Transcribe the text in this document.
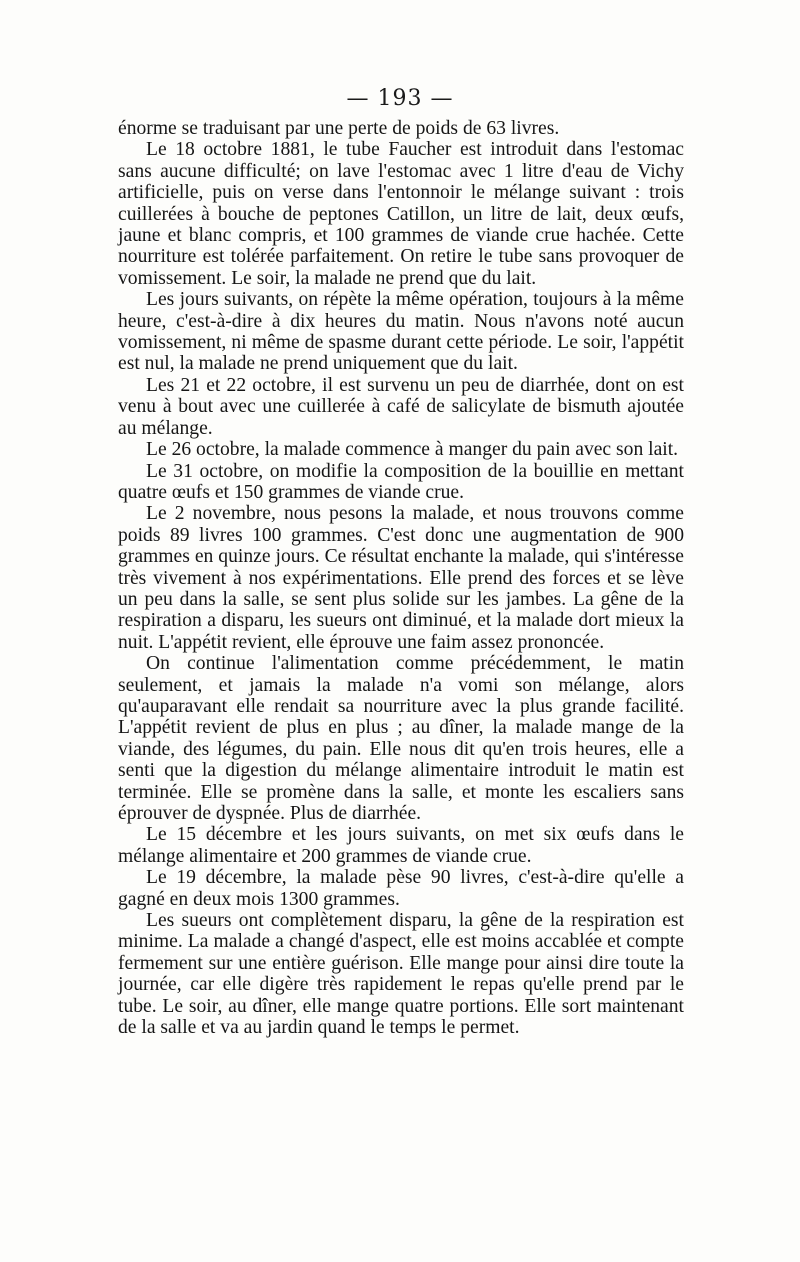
— 193 —

énorme se traduisant par une perte de poids de 63 livres.

Le 18 octobre 1881, le tube Faucher est introduit dans l'estomac sans aucune difficulté; on lave l'estomac avec 1 litre d'eau de Vichy artificielle, puis on verse dans l'entonnoir le mélange suivant : trois cuillerées à bouche de peptones Catillon, un litre de lait, deux œufs, jaune et blanc compris, et 100 grammes de viande crue hachée. Cette nourriture est tolérée parfaitement. On retire le tube sans provoquer de vomissement. Le soir, la malade ne prend que du lait.

Les jours suivants, on répète la même opération, toujours à la même heure, c'est-à-dire à dix heures du matin. Nous n'avons noté aucun vomissement, ni même de spasme durant cette période. Le soir, l'appétit est nul, la malade ne prend uniquement que du lait.

Les 21 et 22 octobre, il est survenu un peu de diarrhée, dont on est venu à bout avec une cuillerée à café de salicylate de bismuth ajoutée au mélange.

Le 26 octobre, la malade commence à manger du pain avec son lait.

Le 31 octobre, on modifie la composition de la bouillie en mettant quatre œufs et 150 grammes de viande crue.

Le 2 novembre, nous pesons la malade, et nous trouvons comme poids 89 livres 100 grammes. C'est donc une augmentation de 900 grammes en quinze jours. Ce résultat enchante la malade, qui s'intéresse très vivement à nos expérimentations. Elle prend des forces et se lève un peu dans la salle, se sent plus solide sur les jambes. La gêne de la respiration a disparu, les sueurs ont diminué, et la malade dort mieux la nuit. L'appétit revient, elle éprouve une faim assez prononcée.

On continue l'alimentation comme précédemment, le matin seulement, et jamais la malade n'a vomi son mélange, alors qu'auparavant elle rendait sa nourriture avec la plus grande facilité. L'appétit revient de plus en plus ; au dîner, la malade mange de la viande, des légumes, du pain. Elle nous dit qu'en trois heures, elle a senti que la digestion du mélange alimentaire introduit le matin est terminée. Elle se promène dans la salle, et monte les escaliers sans éprouver de dyspnée. Plus de diarrhée.

Le 15 décembre et les jours suivants, on met six œufs dans le mélange alimentaire et 200 grammes de viande crue.

Le 19 décembre, la malade pèse 90 livres, c'est-à-dire qu'elle a gagné en deux mois 1300 grammes.

Les sueurs ont complètement disparu, la gêne de la respiration est minime. La malade a changé d'aspect, elle est moins accablée et compte fermement sur une entière guérison. Elle mange pour ainsi dire toute la journée, car elle digère très rapidement le repas qu'elle prend par le tube. Le soir, au dîner, elle mange quatre portions. Elle sort maintenant de la salle et va au jardin quand le temps le permet.
